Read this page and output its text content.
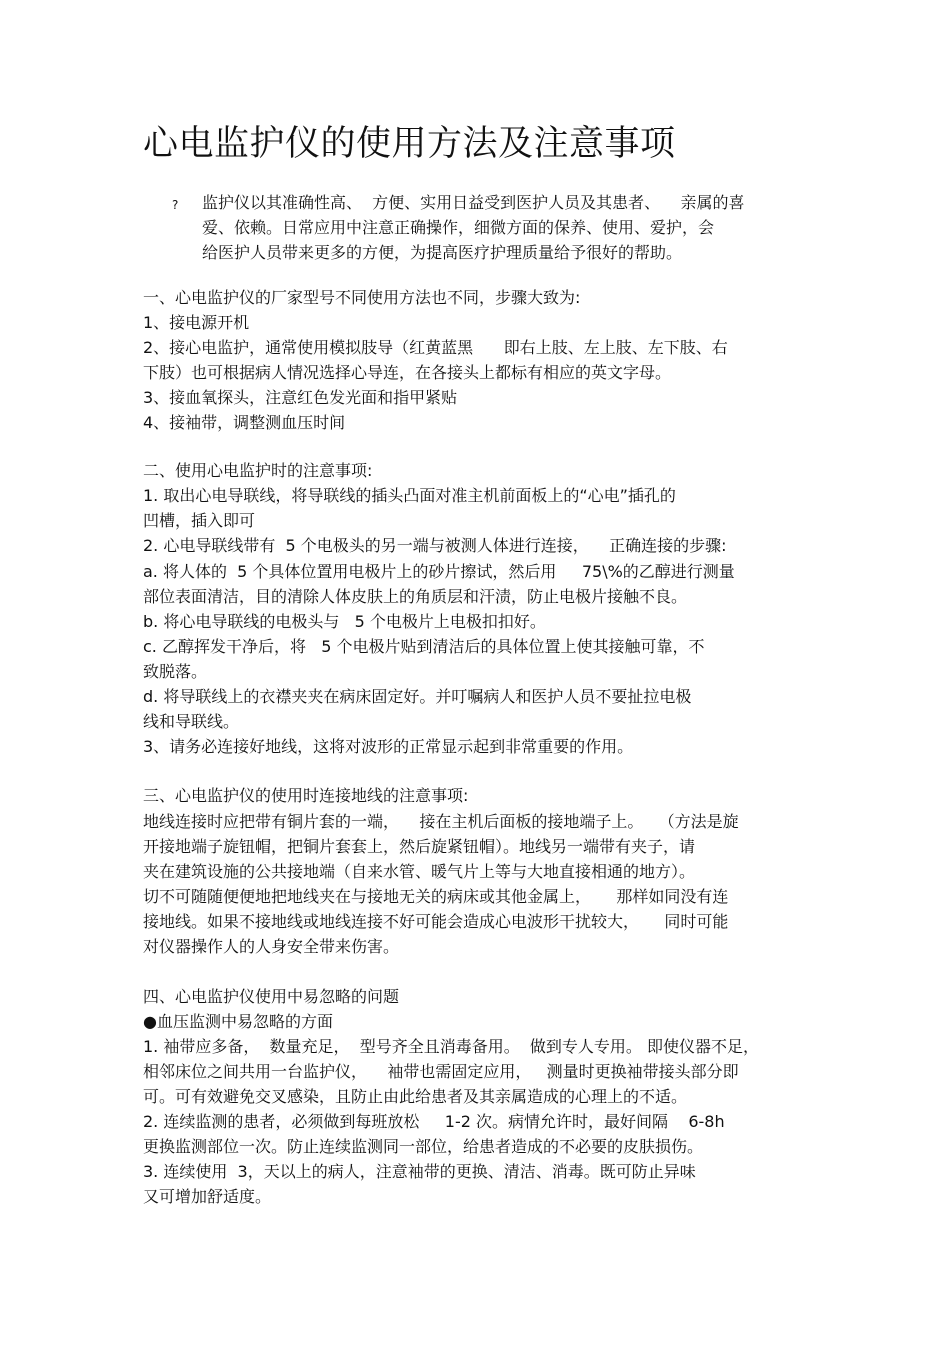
心电监护仪的使用方法及注意事项
? 监护仪以其准确性高、  方便、实用日益受到医护人员及其患者、    亲属的喜
爱、依赖。日常应用中注意正确操作，细微方面的保养、使用、爱护，会
给医护人员带来更多的方便，为提高医疗护理质量给予很好的帮助。
一、心电监护仪的厂家型号不同使用方法也不同，步骤大致为:
1、接电源开机
2、接心电监护，通常使用模拟肢导（红黄蓝黑      即右上肢、左上肢、左下肢、右
下肢）也可根据病人情况选择心导连，在各接头上都标有相应的英文字母。
3、接血氧探头，注意红色发光面和指甲紧贴
4、接袖带，调整测血压时间
二、使用心电监护时的注意事项:
1. 取出心电导联线，将导联线的插头凸面对准主机前面板上的“心电”插孔的
凹槽，插入即可
2. 心电导联线带有  5 个电极头的另一端与被测人体进行连接，    正确连接的步骤:
a. 将人体的  5 个具体位置用电极片上的砂片擦试，然后用     75\%的乙醇进行测量
部位表面清洁，目的清除人体皮肤上的角质层和汗渍，防止电极片接触不良。
b. 将心电导联线的电极头与   5 个电极片上电极扣扣好。
c. 乙醇挥发干净后，将   5 个电极片贴到清洁后的具体位置上使其接触可靠，不
致脱落。
d. 将导联线上的衣襟夹夹在病床固定好。并叮嘱病人和医护人员不要扯拉电极
线和导联线。
3、请务必连接好地线，这将对波形的正常显示起到非常重要的作用。
三、心电监护仪的使用时连接地线的注意事项:
地线连接时应把带有铜片套的一端，    接在主机后面板的接地端子上。   （方法是旋
开接地端子旋钮帽，把铜片套套上，然后旋紧钮帽）。地线另一端带有夹子，请
夹在建筑设施的公共接地端（自来水管、暖气片上等与大地直接相通的地方）。
切不可随随便便地把地线夹在与接地无关的病床或其他金属上，     那样如同没有连
接地线。如果不接地线或地线连接不好可能会造成心电波形干扰较大，     同时可能
对仪器操作人的人身安全带来伤害。
四、心电监护仪使用中易忽略的问题
●血压监测中易忽略的方面
1. 袖带应多备，  数量充足，  型号齐全且消毒备用。  做到专人专用。 即使仪器不足，
相邻床位之间共用一台监护仪，    袖带也需固定应用，   测量时更换袖带接头部分即
可。可有效避免交叉感染，且防止由此给患者及其亲属造成的心理上的不适。
2. 连续监测的患者，必须做到每班放松     1-2 次。病情允许时，最好间隔    6-8h
更换监测部位一次。防止连续监测同一部位，给患者造成的不必要的皮肤损伤。
3. 连续使用  3，天以上的病人，注意袖带的更换、清洁、消毒。既可防止异味
又可增加舒适度。
